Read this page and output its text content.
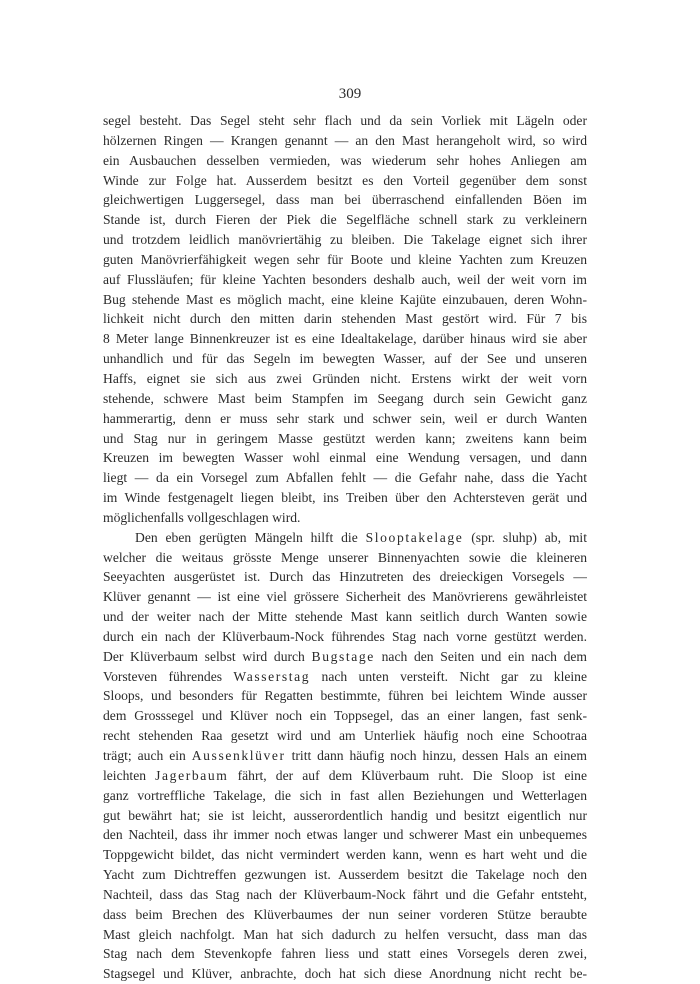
309
segel besteht. Das Segel steht sehr flach und da sein Vorliek mit Lägeln oder
hölzernen Ringen — Krangen genannt — an den Mast herangeholt wird, so wird
ein Ausbauchen desselben vermieden, was wiederum sehr hohes Anliegen am
Winde zur Folge hat. Ausserdem besitzt es den Vorteil gegenüber dem sonst
gleichwertigen Luggersegel, dass man bei überraschend einfallenden Böen im
Stande ist, durch Fieren der Piek die Segelfläche schnell stark zu verkleinern
und trotzdem leidlich manövriertähig zu bleiben. Die Takelage eignet sich ihrer
guten Manövrierfähigkeit wegen sehr für Boote und kleine Yachten zum Kreuzen
auf Flussläufen; für kleine Yachten besonders deshalb auch, weil der weit vorn im
Bug stehende Mast es möglich macht, eine kleine Kajüte einzubauen, deren Wohn-
lichkeit nicht durch den mitten darin stehenden Mast gestört wird. Für 7 bis
8 Meter lange Binnenkreuzer ist es eine Idealtakelage, darüber hinaus wird sie aber
unhandlich und für das Segeln im bewegten Wasser, auf der See und unseren
Haffs, eignet sie sich aus zwei Gründen nicht. Erstens wirkt der weit vorn
stehende, schwere Mast beim Stampfen im Seegang durch sein Gewicht ganz
hammerartig, denn er muss sehr stark und schwer sein, weil er durch Wanten
und Stag nur in geringem Masse gestützt werden kann; zweitens kann beim
Kreuzen im bewegten Wasser wohl einmal eine Wendung versagen, und dann
liegt — da ein Vorsegel zum Abfallen fehlt — die Gefahr nahe, dass die Yacht
im Winde festgenagelt liegen bleibt, ins Treiben über den Achtersteven gerät und
möglichenfalls vollgeschlagen wird.
Den eben gerügten Mängeln hilft die Slooptakelage (spr. sluhp) ab, mit
welcher die weitaus grösste Menge unserer Binnenyachten sowie die kleineren
Seeyachten ausgerüstet ist. Durch das Hinzutreten des dreieckigen Vorsegels —
Klüver genannt — ist eine viel grössere Sicherheit des Manövrierens gewährleistet
und der weiter nach der Mitte stehende Mast kann seitlich durch Wanten sowie
durch ein nach der Klüverbaum-Nock führendes Stag nach vorne gestützt werden.
Der Klüverbaum selbst wird durch Bugstage nach den Seiten und ein nach dem
Vorsteven führendes Wasserstag nach unten versteift. Nicht gar zu kleine
Sloops, und besonders für Regatten bestimmte, führen bei leichtem Winde ausser
dem Grosssegel und Klüver noch ein Toppsegel, das an einer langen, fast senk-
recht stehenden Raa gesetzt wird und am Unterliek häufig noch eine Schootraa
trägt; auch ein Aussenklüver tritt dann häufig noch hinzu, dessen Hals an einem
leichten Jagerbaum fährt, der auf dem Klüverbaum ruht. Die Sloop ist eine
ganz vortreffliche Takelage, die sich in fast allen Beziehungen und Wetterlagen
gut bewährt hat; sie ist leicht, ausserordentlich handig und besitzt eigentlich nur
den Nachteil, dass ihr immer noch etwas langer und schwerer Mast ein unbequemes
Toppgewicht bildet, das nicht vermindert werden kann, wenn es hart weht und die
Yacht zum Dichtreffen gezwungen ist. Ausserdem besitzt die Takelage noch den
Nachteil, dass das Stag nach der Klüverbaum-Nock fährt und die Gefahr entsteht,
dass beim Brechen des Klüverbaumes der nun seiner vorderen Stütze beraubte
Mast gleich nachfolgt. Man hat sich dadurch zu helfen versucht, dass man das
Stag nach dem Stevenkopfe fahren liess und statt eines Vorsegels deren zwei,
Stagsegel und Klüver, anbrachte, doch hat sich diese Anordnung nicht recht be-
